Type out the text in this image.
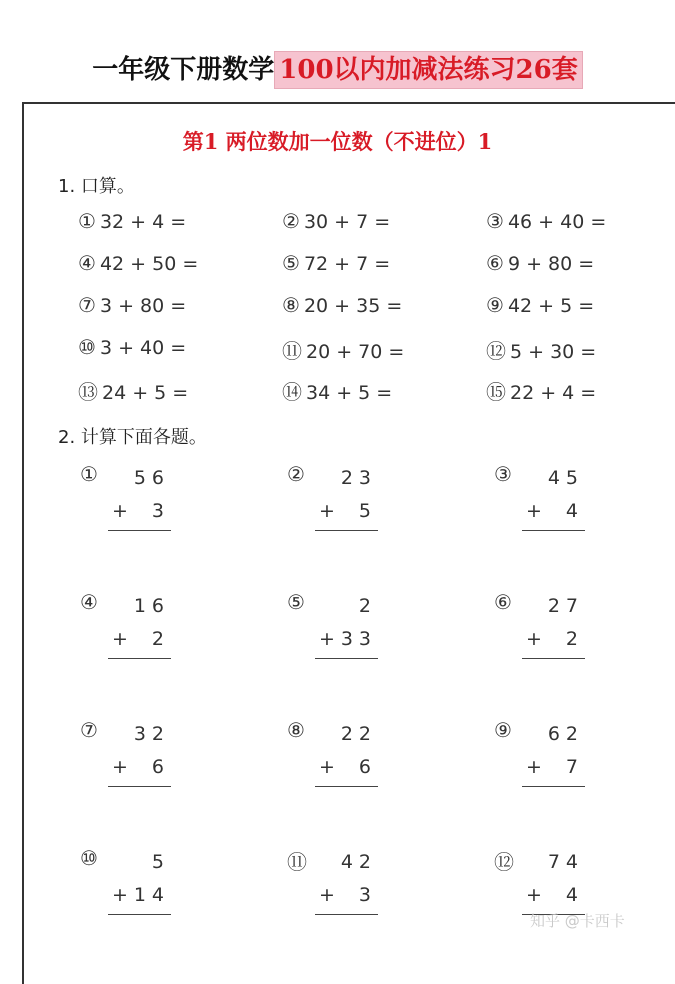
一年级下册数学 100以内加减法练习26套
第1 两位数加一位数（不进位）1
1. 口算。
① 32 + 4 =	② 30 + 7 =	③ 46 + 40 =
④ 42 + 50 =	⑤ 72 + 7 =	⑥ 9 + 80 =
⑦ 3 + 80 =	⑧ 20 + 35 =	⑨ 42 + 5 =
⑩ 3 + 40 =	⑪ 20 + 70 =	⑫ 5 + 30 =
⑬ 24 + 5 =	⑭ 34 + 5 =	⑮ 22 + 4 =
2. 计算下面各题。
①	56
+	3
②	23
+	5
③	45
+	4
④	16
+	2
⑤	2
+ 33
⑥	27
+	2
⑦	32
+	6
⑧	22
+	6
⑨	62
+	7
⑩	5
+ 14
⑪	42
+	3
⑫	74
+	4
知乎 @卡西卡
